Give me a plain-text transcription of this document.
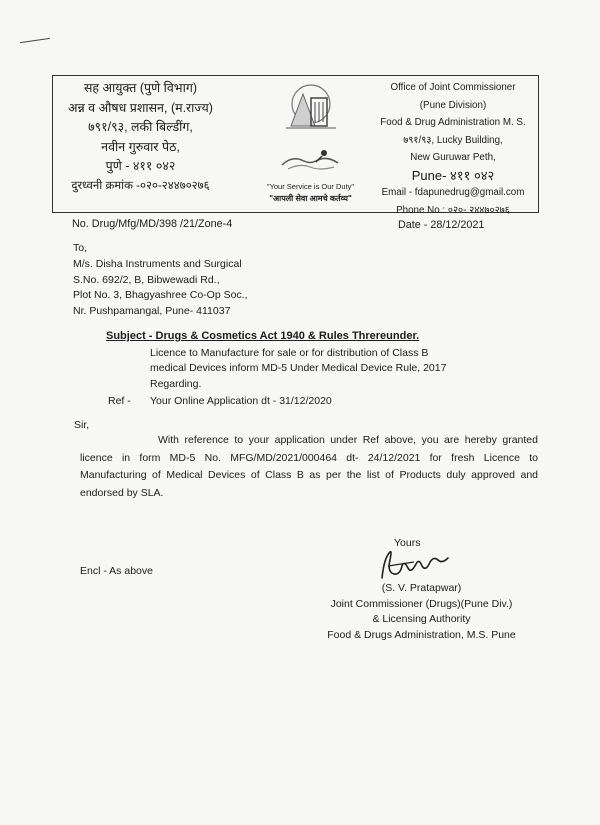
सह आयुक्त (पुणे विभाग)
अन्न व औषध प्रशासन, (म.राज्य)
७९१/९३, लकी बिल्डींग,
नवीन गुरुवार पेठ,
पुणे - ४११ ०४२
दुरध्वनी क्रमांक -०२०-२४४७०२७६
	"Your Service is Our Duty"
"आपली सेवा आमचे कर्तव्य"
Office of Joint Commissioner
(Pune Division)
Food & Drug Administration M. S.
७९१/९३, Lucky Building,
New Guruwar Peth,
Pune- ४११ ०४२
Email - fdapunedrug@gmail.com
Phone No.: ०२०- २४४७०२७६
No. Drug/Mfg/MD/398 /21/Zone-4	Date - 28/12/2021
To,
M/s. Disha Instruments and Surgical
S.No. 692/2, B, Bibwewadi Rd.,
Plot No. 3, Bhagyashree Co-Op Soc.,
Nr. Pushpamangal, Pune- 411037
Subject - Drugs & Cosmetics Act 1940 & Rules Threreunder.
Licence to Manufacture for sale or for distribution of Class B
medical Devices inform MD-5 Under Medical Device Rule, 2017
Regarding.
Ref - Your Online Application dt - 31/12/2020
Sir,
With reference to your application under Ref above, you are hereby granted
licence in form MD-5 No. MFG/MD/2021/000464 dt- 24/12/2021 for fresh Licence to
Manufacturing of Medical Devices of Class B as per the list of Products duly approved and
endorsed by SLA.
Yours
Encl - As above
(S. V. Pratapwar)
Joint Commissioner (Drugs)(Pune Div.)
& Licensing Authority
Food & Drugs Administration, M.S. Pune
